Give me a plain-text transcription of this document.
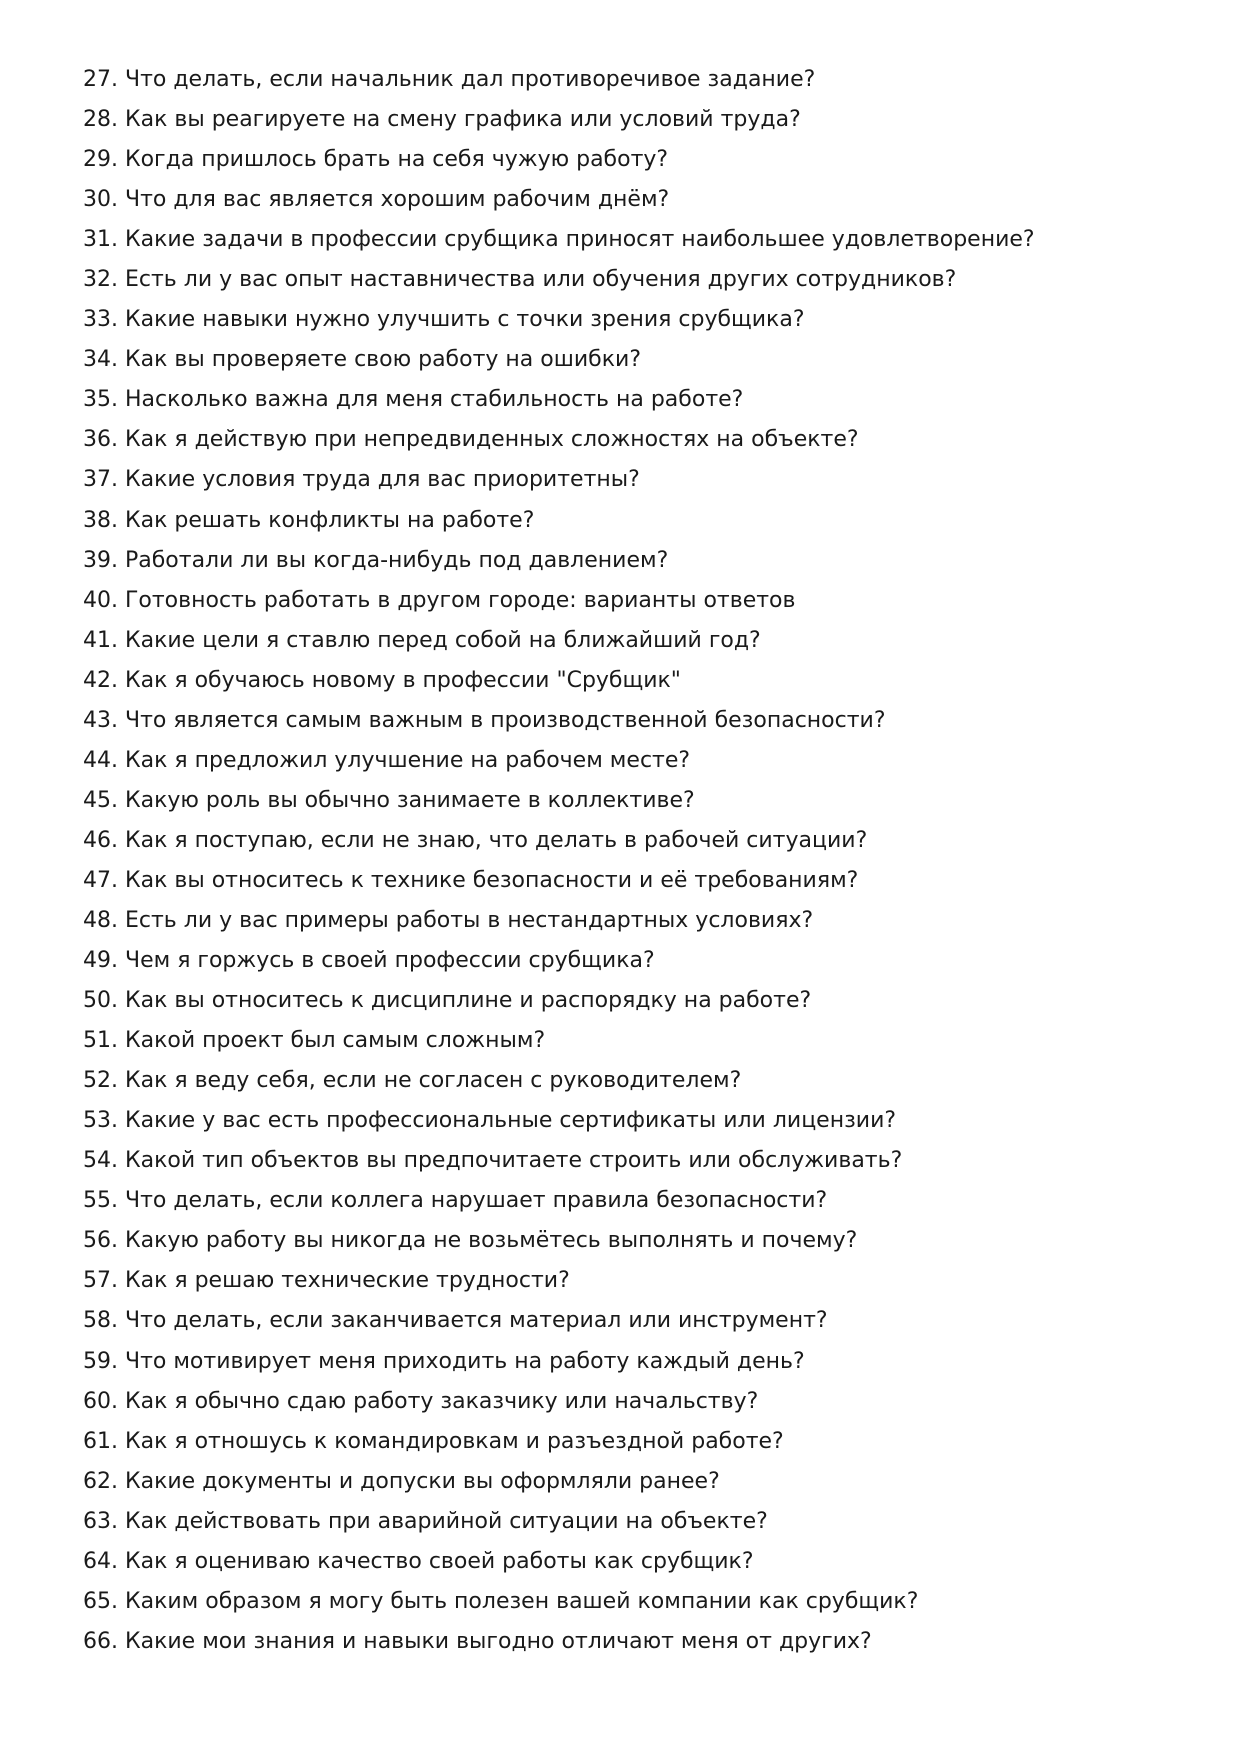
27. Что делать, если начальник дал противоречивое задание?
28. Как вы реагируете на смену графика или условий труда?
29. Когда пришлось брать на себя чужую работу?
30. Что для вас является хорошим рабочим днём?
31. Какие задачи в профессии срубщика приносят наибольшее удовлетворение?
32. Есть ли у вас опыт наставничества или обучения других сотрудников?
33. Какие навыки нужно улучшить с точки зрения срубщика?
34. Как вы проверяете свою работу на ошибки?
35. Насколько важна для меня стабильность на работе?
36. Как я действую при непредвиденных сложностях на объекте?
37. Какие условия труда для вас приоритетны?
38. Как решать конфликты на работе?
39. Работали ли вы когда-нибудь под давлением?
40. Готовность работать в другом городе: варианты ответов
41. Какие цели я ставлю перед собой на ближайший год?
42. Как я обучаюсь новому в профессии "Срубщик"
43. Что является самым важным в производственной безопасности?
44. Как я предложил улучшение на рабочем месте?
45. Какую роль вы обычно занимаете в коллективе?
46. Как я поступаю, если не знаю, что делать в рабочей ситуации?
47. Как вы относитесь к технике безопасности и её требованиям?
48. Есть ли у вас примеры работы в нестандартных условиях?
49. Чем я горжусь в своей профессии срубщика?
50. Как вы относитесь к дисциплине и распорядку на работе?
51. Какой проект был самым сложным?
52. Как я веду себя, если не согласен с руководителем?
53. Какие у вас есть профессиональные сертификаты или лицензии?
54. Какой тип объектов вы предпочитаете строить или обслуживать?
55. Что делать, если коллега нарушает правила безопасности?
56. Какую работу вы никогда не возьмётесь выполнять и почему?
57. Как я решаю технические трудности?
58. Что делать, если заканчивается материал или инструмент?
59. Что мотивирует меня приходить на работу каждый день?
60. Как я обычно сдаю работу заказчику или начальству?
61. Как я отношусь к командировкам и разъездной работе?
62. Какие документы и допуски вы оформляли ранее?
63. Как действовать при аварийной ситуации на объекте?
64. Как я оцениваю качество своей работы как срубщик?
65. Каким образом я могу быть полезен вашей компании как срубщик?
66. Какие мои знания и навыки выгодно отличают меня от других?
